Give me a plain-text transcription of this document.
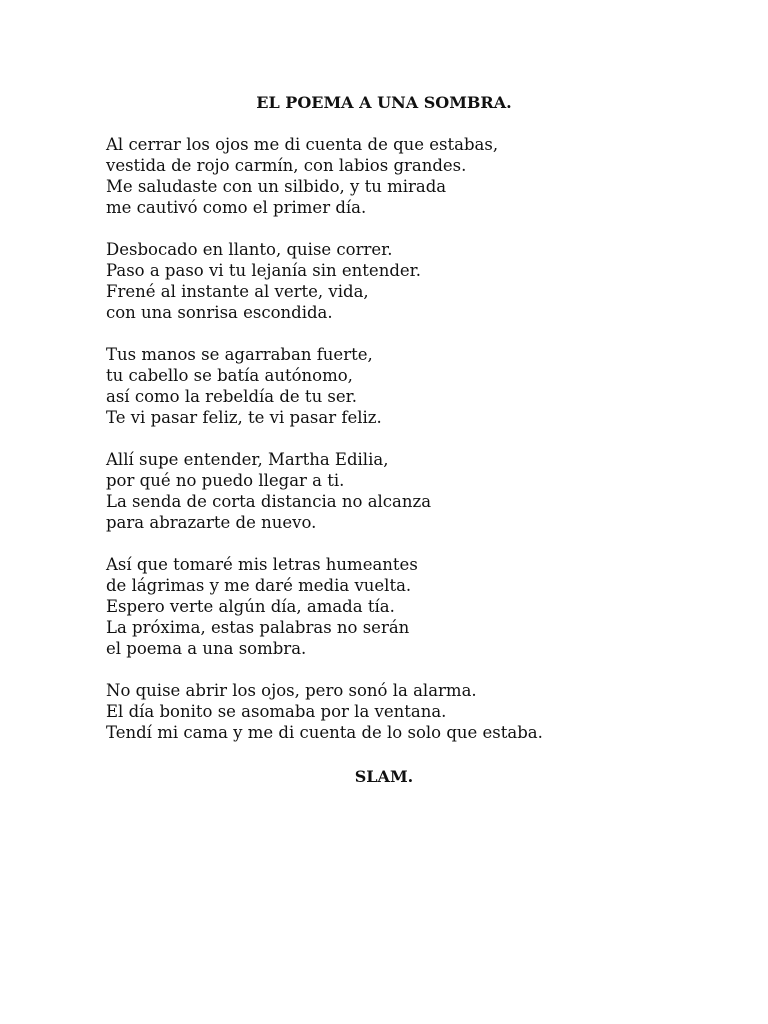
EL POEMA A UNA SOMBRA.
Al cerrar los ojos me di cuenta de que estabas,
vestida de rojo carmín, con labios grandes.
Me saludaste con un silbido, y tu mirada
me cautivó como el primer día.
Desbocado en llanto, quise correr.
Paso a paso vi tu lejanía sin entender.
Frené al instante al verte, vida,
con una sonrisa escondida.
Tus manos se agarraban fuerte,
tu cabello se batía autónomo,
así como la rebeldía de tu ser.
Te vi pasar feliz, te vi pasar feliz.
Allí supe entender, Martha Edilia,
por qué no puedo llegar a ti.
La senda de corta distancia no alcanza
para abrazarte de nuevo.
Así que tomaré mis letras humeantes
de lágrimas y me daré media vuelta.
Espero verte algún día, amada tía.
La próxima, estas palabras no serán
el poema a una sombra.
No quise abrir los ojos, pero sonó la alarma.
El día bonito se asomaba por la ventana.
Tendí mi cama y me di cuenta de lo solo que estaba.

SLAM.
